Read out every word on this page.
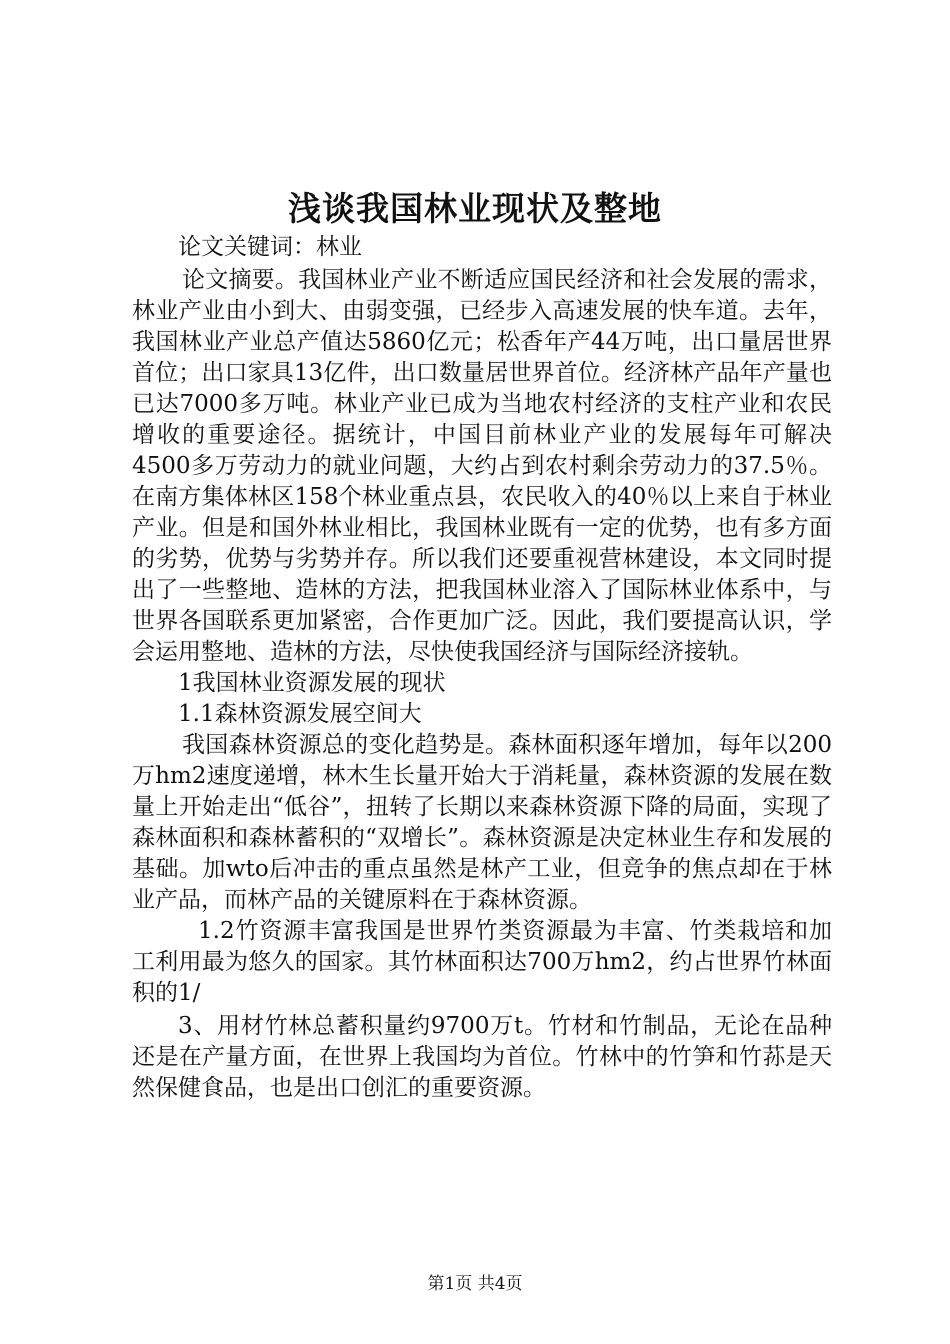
浅谈我国林业现状及整地

论文关键词：林业

论文摘要。我国林业产业不断适应国民经济和社会发展的需求，林业产业由小到大、由弱变强，已经步入高速发展的快车道。去年，我国林业产业总产值达5860亿元；松香年产44万吨，出口量居世界首位；出口家具13亿件，出口数量居世界首位。经济林产品年产量也已达7000多万吨。林业产业已成为当地农村经济的支柱产业和农民增收的重要途径。据统计，中国目前林业产业的发展每年可解决4500多万劳动力的就业问题，大约占到农村剩余劳动力的37.5％。在南方集体林区158个林业重点县，农民收入的40％以上来自于林业产业。但是和国外林业相比，我国林业既有一定的优势，也有多方面的劣势，优势与劣势并存。所以我们还要重视营林建设，本文同时提出了一些整地、造林的方法，把我国林业溶入了国际林业体系中，与世界各国联系更加紧密，合作更加广泛。因此，我们要提高认识，学会运用整地、造林的方法，尽快使我国经济与国际经济接轨。

1我国林业资源发展的现状

1.1森林资源发展空间大

我国森林资源总的变化趋势是。森林面积逐年增加，每年以200万hm2速度递增，林木生长量开始大于消耗量，森林资源的发展在数量上开始走出“低谷”，扭转了长期以来森林资源下降的局面，实现了森林面积和森林蓄积的“双增长”。森林资源是决定林业生存和发展的基础。加wto后冲击的重点虽然是林产工业，但竞争的焦点却在于林业产品，而林产品的关键原料在于森林资源。

1.2竹资源丰富我国是世界竹类资源最为丰富、竹类栽培和加工利用最为悠久的国家。其竹林面积达700万hm2，约占世界竹林面积的1/

3、用材竹林总蓄积量约9700万t。竹材和竹制品，无论在品种还是在产量方面，在世界上我国均为首位。竹林中的竹笋和竹荪是天然保健食品，也是出口创汇的重要资源。

第1页 共4页
